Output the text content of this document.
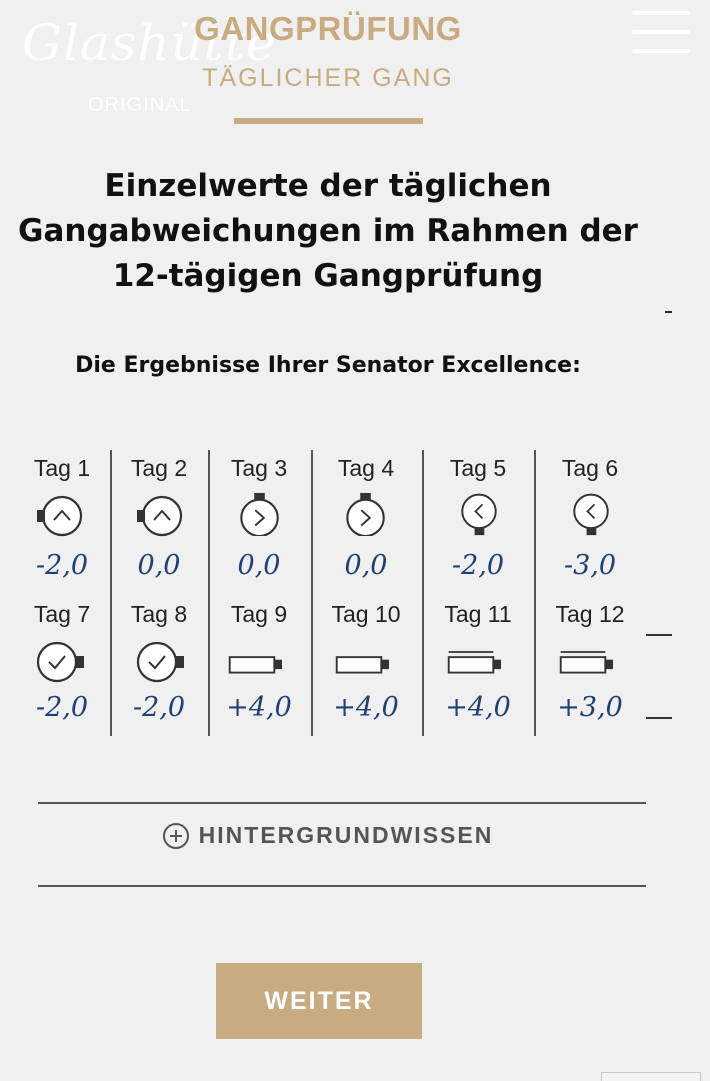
Glashütte
ORIGINAL
GANGPRÜFUNG
TÄGLICHER GANG
Einzelwerte der täglichen Gangabweichungen im Rahmen der 12-tägigen Gangprüfung
Die Ergebnisse Ihrer Senator Excellence:
Tag 1	Tag 2	Tag 3	Tag 4	Tag 5	Tag 6
-2,0	0,0	0,0	0,0	-2,0	-3,0
Tag 7	Tag 8	Tag 9	Tag 10	Tag 11	Tag 12
-2,0	-2,0	+4,0	+4,0	+4,0	+3,0
HINTERGRUNDWISSEN
WEITER
